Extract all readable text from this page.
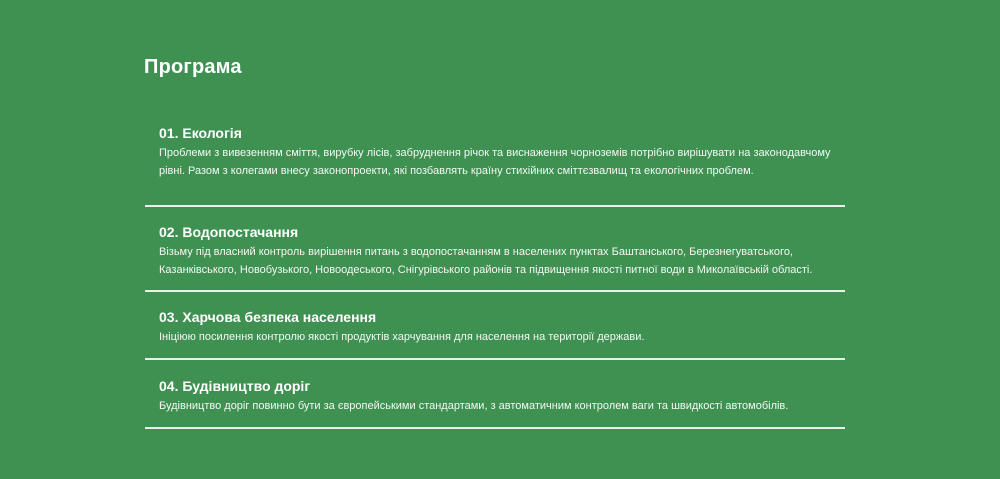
Програма
01. Екологія

Проблеми з вивезенням сміття, вирубку лісів, забруднення річок та виснаження чорноземів потрібно вирішувати на законодавчому рівні. Разом з колегами внесу законопроекти, які позбавлять країну стихійних сміттєзвалищ та екологічних проблем.

02. Водопостачання

Візьму під власний контроль вирішення питань з водопостачанням в населених пунктах Баштанського, Березнегуватського, Казанківського, Новобузького, Новоодеського, Снігурівського районів та підвищення якості питної води в Миколаївській області.

03. Харчова безпека населення

Ініціюю посилення контролю якості продуктів харчування для населення на території держави.

04. Будівництво доріг

Будівництво доріг повинно бути за європейськими стандартами, з автоматичним контролем ваги та швидкості автомобілів.
